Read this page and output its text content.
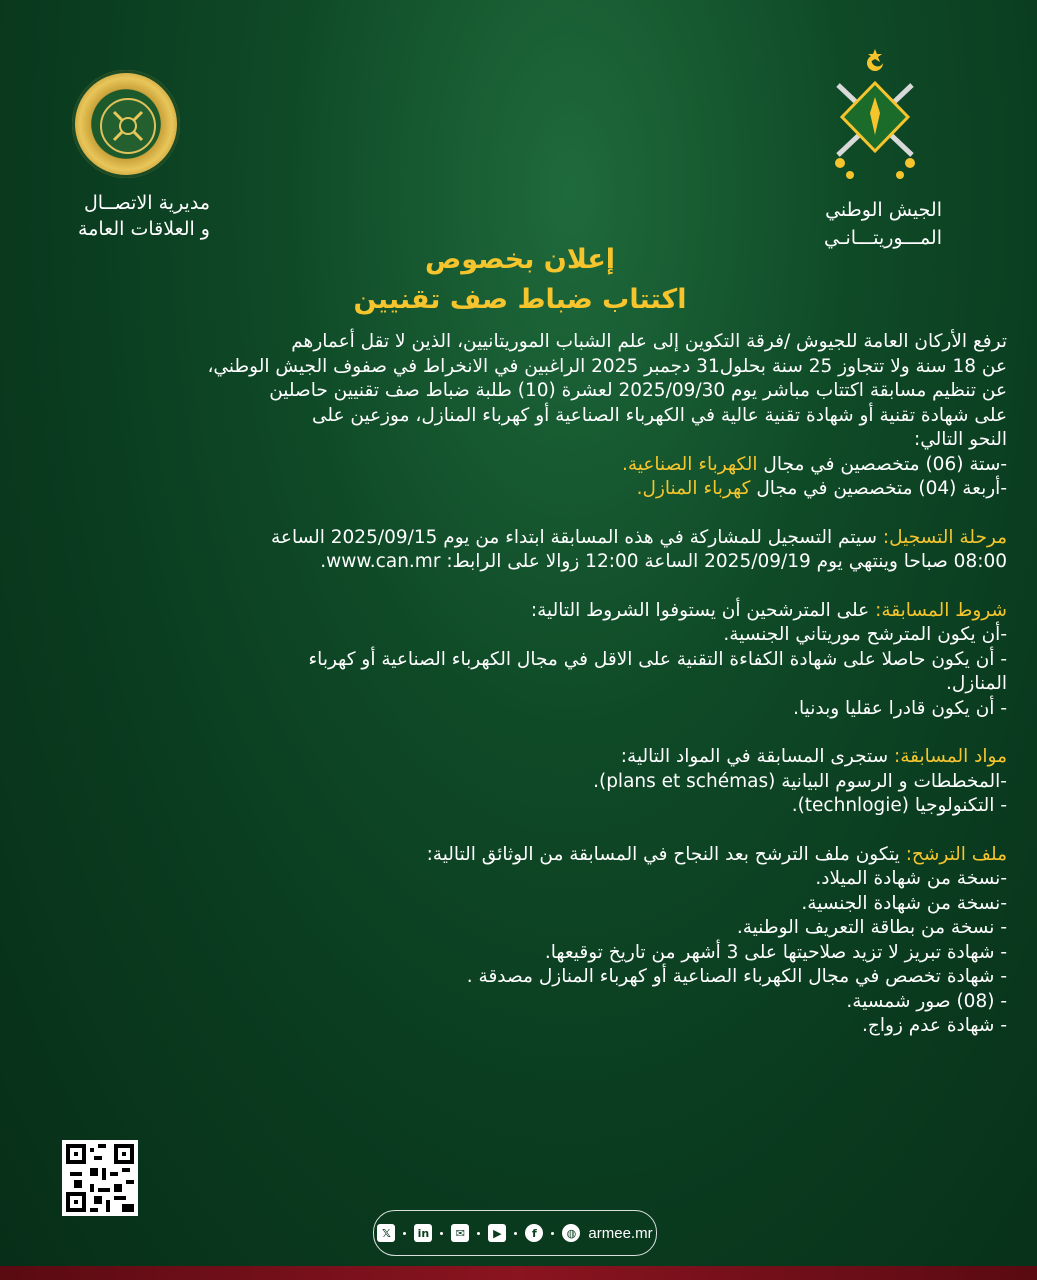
مديرية الاتصــال
و العلاقات العامة
الجيش الوطني
المـــوريتـــانـي
إعلان بخصوص
اكتتاب ضباط صف تقنيين

ترفع الأركان العامة للجيوش /فرقة التكوين إلى علم الشباب الموريتانيين، الذين لا تقل أعمارهم

عن 18 سنة ولا تتجاوز 25 سنة بحلول31 دجمبر 2025 الراغبين في الانخراط في صفوف الجيش الوطني،

عن تنظيم مسابقة اكتتاب مباشر يوم 2025/09/30 لعشرة (10) طلبة ضباط صف تقنيين حاصلين

على شهادة تقنية أو شهادة تقنية عالية في الكهرباء الصناعية أو كهرباء المنازل، موزعين على

النحو التالي:

-ستة (06) متخصصين في مجال الكهرباء الصناعية.

-أربعة (04) متخصصين في مجال كهرباء المنازل.

مرحلة التسجيل: سيتم التسجيل للمشاركة في هذه المسابقة ابتداء من يوم 2025/09/15 الساعة

08:00 صباحا وينتهي يوم 2025/09/19 الساعة 12:00 زوالا على الرابط: www.can.mr.

شروط المسابقة: على المترشحين أن يستوفوا الشروط التالية:

-أن يكون المترشح موريتاني الجنسية.

- أن يكون حاصلا على شهادة الكفاءة التقنية على الاقل في مجال الكهرباء الصناعية أو كهرباء

المنازل.

- أن يكون قادرا عقليا وبدنيا.

مواد المسابقة: ستجرى المسابقة في المواد التالية:

-المخططات و الرسوم البيانية (plans et schémas).

- التكنولوجيا (technlogie).

ملف الترشح: يتكون ملف الترشح بعد النجاح في المسابقة من الوثائق التالية:

-نسخة من شهادة الميلاد.

-نسخة من شهادة الجنسية.

- نسخة من بطاقة التعريف الوطنية.

- شهادة تبريز لا تزيد صلاحيتها على 3 أشهر من تاريخ توقيعها.

- شهادة تخصص في مجال الكهرباء الصناعية أو كهرباء المنازل مصدقة .

- (08) صور شمسية.

- شهادة عدم زواج.

𝕏	in	✉	▶	f	◍ armee.mr
